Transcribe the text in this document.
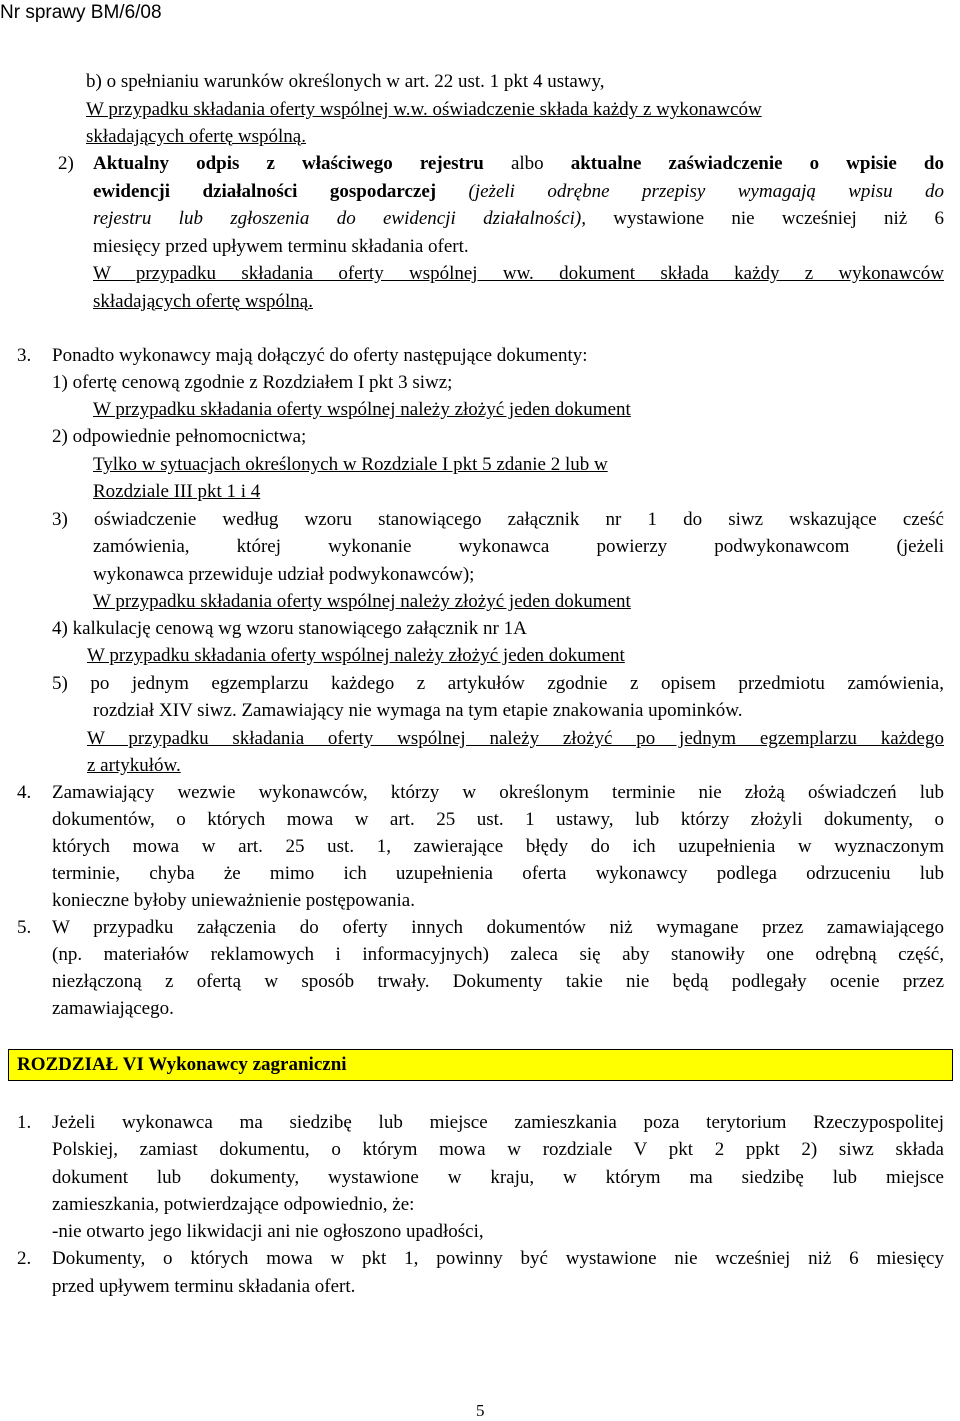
Nr sprawy BM/6/08
b) o spełnianiu warunków określonych w art. 22 ust. 1 pkt 4 ustawy,
W przypadku składania oferty wspólnej w.w. oświadczenie składa każdy z wykonawców
składających ofertę wspólną.
2) Aktualny odpis z właściwego rejestru albo aktualne zaświadczenie o wpisie do
ewidencji działalności gospodarczej (jeżeli odrębne przepisy wymagają wpisu do
rejestru lub zgłoszenia do ewidencji działalności), wystawione nie wcześniej niż 6
miesięcy przed upływem terminu składania ofert.
W przypadku składania oferty wspólnej ww. dokument składa każdy z wykonawców
składających ofertę wspólną.
3. Ponadto wykonawcy mają dołączyć do oferty następujące dokumenty:
1) ofertę cenową zgodnie z Rozdziałem I pkt 3 siwz;
W przypadku składania oferty wspólnej należy złożyć jeden dokument
2) odpowiednie pełnomocnictwa;
Tylko w sytuacjach określonych w Rozdziale I pkt 5 zdanie 2 lub w
Rozdziale III pkt 1 i 4
3) oświadczenie według wzoru stanowiącego załącznik nr 1 do siwz wskazujące cześć
zamówienia, której wykonanie wykonawca powierzy podwykonawcom (jeżeli
wykonawca przewiduje udział podwykonawców);
W przypadku składania oferty wspólnej należy złożyć jeden dokument
4) kalkulację cenową wg wzoru stanowiącego załącznik nr 1A
W przypadku składania oferty wspólnej należy złożyć jeden dokument
5) po jednym egzemplarzu każdego z artykułów zgodnie z opisem przedmiotu zamówienia,
rozdział XIV siwz. Zamawiający nie wymaga na tym etapie znakowania upominków.
W przypadku składania oferty wspólnej należy złożyć po jednym egzemplarzu każdego
z artykułów.
4. Zamawiający wezwie wykonawców, którzy w określonym terminie nie złożą oświadczeń lub
dokumentów, o których mowa w art. 25 ust. 1 ustawy, lub którzy złożyli dokumenty, o
których mowa w art. 25 ust. 1, zawierające błędy do ich uzupełnienia w wyznaczonym
terminie, chyba że mimo ich uzupełnienia oferta wykonawcy podlega odrzuceniu lub
konieczne byłoby unieważnienie postępowania.
5. W przypadku załączenia do oferty innych dokumentów niż wymagane przez zamawiającego
(np. materiałów reklamowych i informacyjnych) zaleca się aby stanowiły one odrębną część,
niezłączoną z ofertą w sposób trwały. Dokumenty takie nie będą podlegały ocenie przez
zamawiającego.
ROZDZIAŁ VI Wykonawcy zagraniczni
1. Jeżeli wykonawca ma siedzibę lub miejsce zamieszkania poza terytorium Rzeczypospolitej
Polskiej, zamiast dokumentu, o którym mowa w rozdziale V pkt 2 ppkt 2) siwz składa
dokument lub dokumenty, wystawione w kraju, w którym ma siedzibę lub miejsce
zamieszkania, potwierdzające odpowiednio, że:
-nie otwarto jego likwidacji ani nie ogłoszono upadłości,
2. Dokumenty, o których mowa w pkt 1, powinny być wystawione nie wcześniej niż 6 miesięcy
przed upływem terminu składania ofert.
5
